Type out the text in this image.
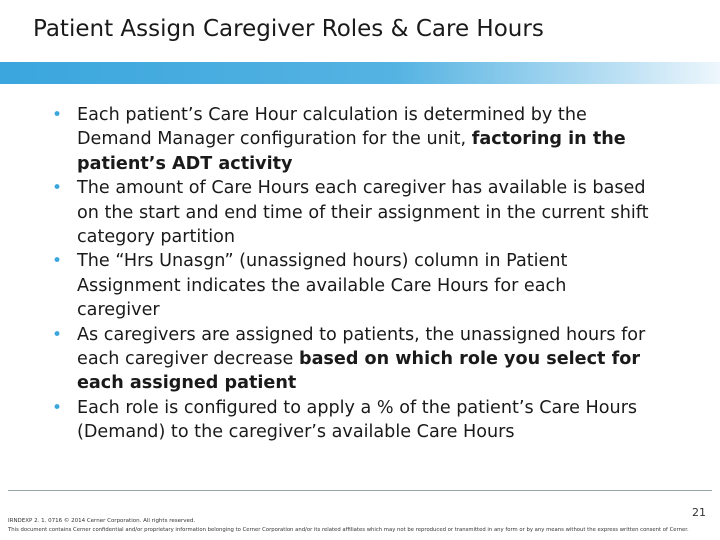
Patient Assign Caregiver Roles & Care Hours
• Each patient’s Care Hour calculation is determined by the Demand Manager configuration for the unit, factoring in the patient’s ADT activity
• The amount of Care Hours each caregiver has available is based on the start and end time of their assignment in the current shift category partition
• The “Hrs Unasgn” (unassigned hours) column in Patient Assignment indicates the available Care Hours for each caregiver
• As caregivers are assigned to patients, the unassigned hours for each caregiver decrease based on which role you select for each assigned patient
• Each role is configured to apply a % of the patient’s Care Hours (Demand) to the caregiver’s available Care Hours
IRNDEXP 2. 1. 0716 © 2014 Cerner Corporation. All rights reserved.
This document contains Cerner confidential and/or proprietary information belonging to Cerner Corporation and/or its related affiliates which may not be reproduced or transmitted in any form or by any means without the express written consent of Cerner.
21
